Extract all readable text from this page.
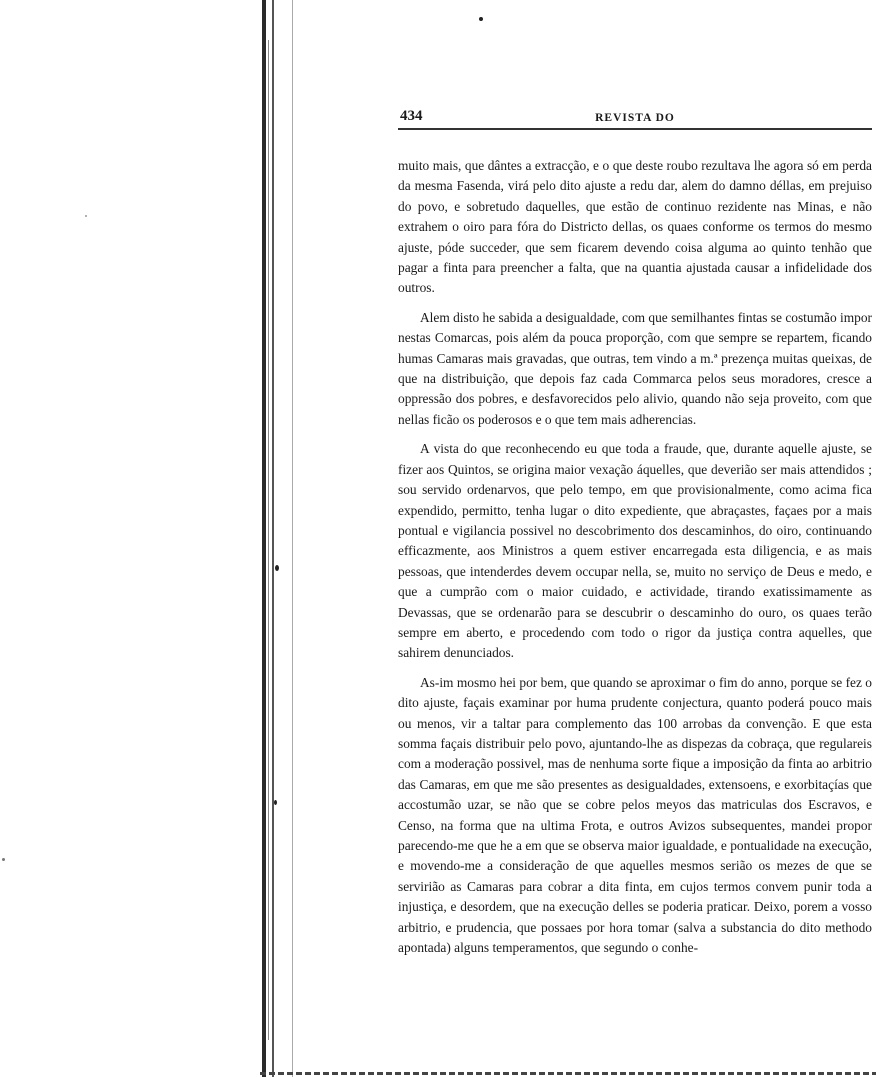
434	REVISTA DO

muito mais, que dântes a extracção, e o que deste roubo rezultava lhe agora só em perda da mesma Fasenda, virá pelo dito ajuste a redu dar, alem do damno déllas, em prejuiso do povo, e sobretudo daquelles, que estão de continuo rezidente nas Minas, e não extrahem o oiro para fóra do Districto dellas, os quaes conforme os termos do mesmo ajuste, póde succeder, que sem ficarem devendo coisa alguma ao quinto tenhão que pagar a finta para preencher a falta, que na quantia ajustada causar a infidelidade dos outros.

Alem disto he sabida a desigualdade, com que semilhantes fintas se costumão impor nestas Comarcas, pois além da pouca proporção, com que sempre se repartem, ficando humas Camaras mais gravadas, que outras, tem vindo a m.ª prezença muitas queixas, de que na distribuição, que depois faz cada Commarca pelos seus moradores, cresce a oppressão dos pobres, e desfavorecidos pelo alivio, quando não seja proveito, com que nellas ficão os poderosos e o que tem mais adherencias.

A vista do que reconhecendo eu que toda a fraude, que, durante aquelle ajuste, se fizer aos Quintos, se origina maior vexação áquelles, que deverião ser mais attendidos ; sou servido ordenarvos, que pelo tempo, em que provisionalmente, como acima fica expendido, permitto, tenha lugar o dito expediente, que abraçastes, façaes por a mais pontual e vigilancia possivel no descobrimento dos descaminhos, do oiro, continuando efficazmente, aos Ministros a quem estiver encarregada esta diligencia, e as mais pessoas, que intenderdes devem occupar nella, se, muito no serviço de Deus e medo, e que a cumprão com o maior cuidado, e actividade, tirando exatissimamente as Devassas, que se ordenarão para se descubrir o descaminho do ouro, os quaes terão sempre em aberto, e procedendo com todo o rigor da justiça contra aquelles, que sahirem denunciados.

As-im mosmo hei por bem, que quando se aproximar o fim do anno, porque se fez o dito ajuste, façais examinar por huma prudente conjectura, quanto poderá pouco mais ou menos, vir a taltar para complemento das 100 arrobas da convenção. E que esta somma façais distribuir pelo povo, ajuntando-lhe as dispezas da cobraça, que regulareis com a moderação possivel, mas de nenhuma sorte fique a imposição da finta ao arbitrio das Camaras, em que me são presentes as desigualdades, extensoens, e exorbitaçías que accostumão uzar, se não que se cobre pelos meyos das matriculas dos Escravos, e Censo, na forma que na ultima Frota, e outros Avizos subsequentes, mandei propor parecendo-me que he a em que se observa maior igualdade, e pontualidade na execução, e movendo-me a consideração de que aquelles mesmos serião os mezes de que se servirião as Camaras para cobrar a dita finta, em cujos termos convem punir toda a injustiça, e desordem, que na execução delles se poderia praticar. Deixo, porem a vosso arbitrio, e prudencia, que possaes por hora tomar (salva a substancia do dito methodo apontada) alguns temperamentos, que segundo o conhe-
